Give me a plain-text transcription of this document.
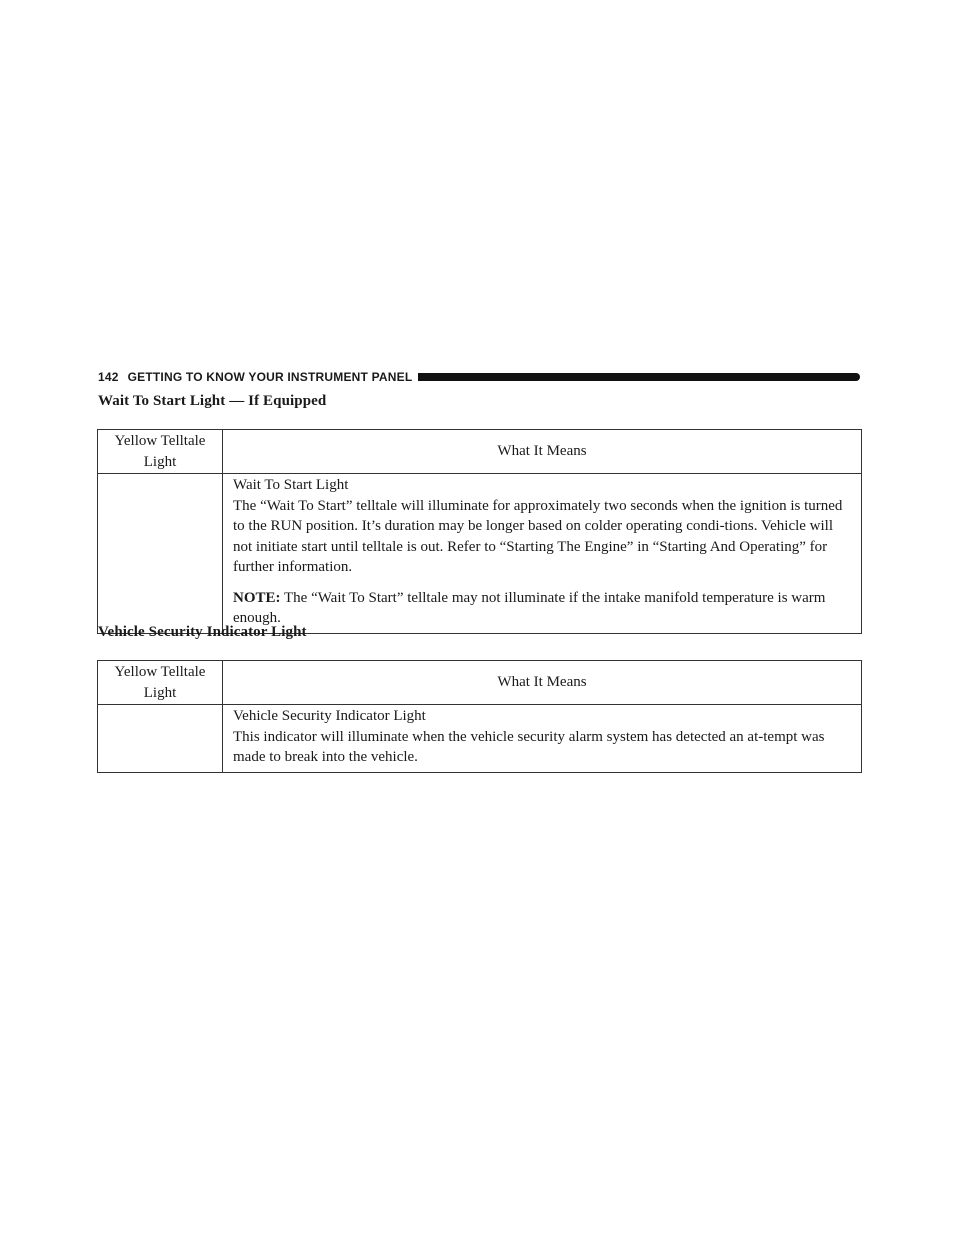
142 GETTING TO KNOW YOUR INSTRUMENT PANEL
Wait To Start Light — If Equipped
Yellow Telltale Light	What It Means

	Wait To Start Light

The “Wait To Start” telltale will illuminate for approximately two seconds when the ignition is turned to the RUN position. It’s duration may be longer based on colder operating condi-tions. Vehicle will not initiate start until telltale is out. Refer to “Starting The Engine” in “Starting And Operating” for further information.

NOTE: The “Wait To Start” telltale may not illuminate if the intake manifold temperature is warm enough.

Vehicle Security Indicator Light
Yellow Telltale Light	What It Means

	Vehicle Security Indicator Light

This indicator will illuminate when the vehicle security alarm system has detected an at-tempt was made to break into the vehicle.
